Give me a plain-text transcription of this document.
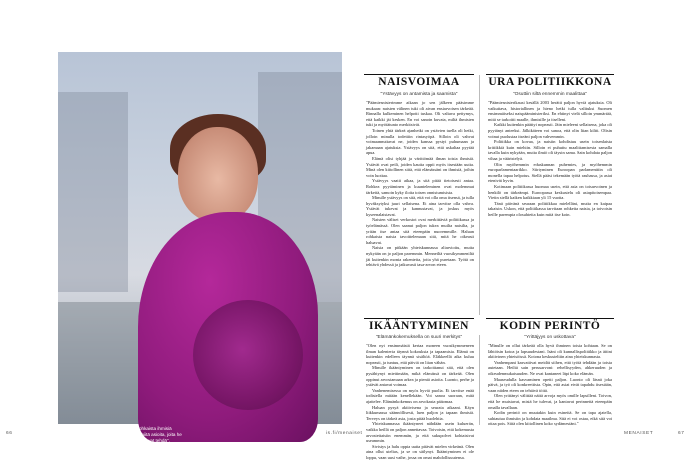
"Haluan rohkaista ihmisiä tekemään niitä asioita, joita he oikeasti haluavat tehdä", sanoo Anneli Jäätteenmäki.
NAISVOIMAA
"Ystävyys on antamista ja saamista"

"Päämiesnisterimme aikaan jo sen jälkeen pääsimme mukaan: naisten välinen tuki oli aivan ensiarvoisen tärkeää. Rinnalla kulkeminen helpotti tuskaa. Oli valtava pettymys, että kaikki jäi kesken. En voi sanoin kuvata, miltä ihmisten tuki ja myötätunto merkitsivät.

Toinen yhtä tärkeä ajanhetki on ystävien tuella oli hetki, jolloin minulla todettiin rintasyöpä. Silloin oli vahvat voimaannuttavat ne, joiden kanssa pystyi puhumaan ja jakamaan ajatuksia. Ystävyys on sitä, että uskaltaa pyytää apua.

Elämä olisi tyhjää ja värittömää ilman toisia ihmisiä. Ystävät ovat peili, joiden kautta oppii myös itsestään uutta. Minä olen kiitollinen siitä, että elämässäni on ihmisiä, joihin voin luottaa.

Ystävyys vaatii aikaa, ja sitä pitää tietoisesti antaa. Rohkea pyytäminen ja kuunteleminen ovat molemmat tärkeitä, samoin kyky iloita toisen onnistumisista.

Minulle ystävyys on sitä, että voi olla oma itsensä, ja tulla hyväksytyksi juuri sellaisena. Ei aina tarvitse olla vahva. Ystävät tukevat ja kannustavat, ja joskus myös kyseenalaistavat.

Naisten väliset verkostot ovat merkittäviä politiikassa ja työelämässä. Olen saanut paljon tukea muilta naisilta, ja yritän itse antaa sitä eteenpäin nuoremmille. Haluan rohkaista naisia tavoittelemaan sitä, mitä he oikeasti haluavat.

Naisia on pitkään yhteiskunnassa aliarvioitu, mutta nykyään on jo paljon paremmin. Menneiltä vuosikymmeniltä jäi kuitenkin monia rakenteita, joita yhä puretaan. Työtä on tehtävä yhdessä ja jatkuvasti tasa-arvon eteen.

URA POLITIIKKONA
"Osuttiin siltä ennemmin maalittaa"

"Päämiesnisterikausi kesällä 2003 herätti paljon hyviä ajatuksia. Oli vaikuttava, historiallinen ja hieno hetki tulla valituksi Suomen ensimmäiseksi naispääministeriksi. En ehtinyt vielä silloin ymmärtää, mitä se tarkoitti maalle, ihmisille ja itselleni.

Kaikki kuitenkin päättyi nopeasti. Jäin mieleeni sellaisena, joka oli pyytänyt anteeksi. Jälkikäteen voi sanoa, että olin liian kiltti. Olisin voinut puolustaa itseäni paljon vahvemmin.

Politiikka on kovaa, ja naisiin kohdistuu usein toisenlaista kritiikkiä kuin miehiin. Silloin ei puhuttu maalittamisesta samalla tavalla kuin nykyään, mutta ilmiö oli täysin sama. Sain kohdata paljon vihaa ja vääristelyä.

Olin myöhemmin eduskunnan puhemies, ja myöhemmin europarlamentaarikko. Siirtyminen Euroopan parlamenttiin oli monella tapaa helpotus. Siellä pääsi tekemään työtä rauhassa, ja asiat etenivät hyvin.

Kotimaan politiikassa huomaa usein, että asia on toisarvoinen ja henkilö on tärkeämpi. Euroopassa keskustelu oli asiapitoisempaa. Vietin siellä kaiken kaikkiaan yli 15 vuotta.

Tänä päivänä seuraan politiikkaa mielelläni, mutta en kaipaa takaisin. Uskon, että politiikassa tarvitaan rohkeita naisia, ja toivoisin heille parempia olosuhteita kuin mitä itse koin.

IKÄÄNTYMINEN
"Elämänkokemuksella on suuri merkitys"

"Olen nyt ensimmäistä kertaa moneen vuosikymmeneen ilman kalenteria täynnä kokouksia ja tapaamisia. Elämä on kuitenkin edelleen täynnä sisältöä. Eläkkeellä aika kuluu nopeasti, ja tuntuu, että päiviä on liian vähän.

Minulle ikääntyminen on tarkoittanut sitä, että olen pysähtynyt miettimään, mikä elämässä on tärkeää. Olen oppinut arvostamaan arkea ja pieniä asioita. Luonto, perhe ja ystävät antavat voimaa.

Vanhenemisessa on myös hyviä puolia. Ei tarvitse enää todistella mitään kenellekään. Voi sanoa suoraan, mitä ajattelee. Elämänkokemus on arvokasta pääomaa.

Haluan pysyä aktiivisena ja seurata aikaani. Käyn liikkumassa säännöllisesti, luen paljon ja tapaan ihmisiä. Terveys on tärkeä asia, josta pitää huolehtia.

Yhteiskunnassa ikääntyneet nähdään usein kuluerän, vaikka heillä on paljon annettavaa. Toivoisin, että kokemusta arvostettaisiin enemmän, ja että sukupolvet kohtaisivat useammin.

Sivistys ja halu oppia uutta pitävät mielen virkeänä. Olen aina ollut utelias, ja se on säilynyt. Ikääntyminen ei ole loppu, vaan uusi vaihe, jossa on omat mahdollisuutensa.

KODIN PERINTÖ
"Yrittäjyys on uskottava"

"Minulle on ollut tärkeää olla hyvä ihminen toisia kohtaan. Se on lähtöisin kotoa ja lapsuudestani. Isäni oli kunnallispoliitikko ja äitini aktiivinen yhteisöissä. Kotona keskusteltiin aina yhteiskunnasta.

Vanhempani kasvattivat meidät siihen, että työtä tehdään ja toisia autetaan. Heiltä sain perusarvoni: rehellisyyden, ahkeruuden ja oikeudenmukaisuuden. Ne ovat kantaneet läpi koko elämän.

Maaseudulla kasvaminen opetti paljon. Luonto oli läsnä joka päivä, ja työ oli konkreettista. Opin, että asiat eivät tapahdu itsestään, vaan niiden eteen on tehtävä töitä.

Olen yrittänyt välittää näitä arvoja myös omille lapsilleni. Toivon, että he muistavat, mistä he tulevat, ja kantavat perinnettä eteenpäin omalla tavallaan.

Kodin perintö on muutakin kuin esineitä. Se on tapa ajatella, suhtautua ihmisiin ja kohdata maailma. Sitä ei voi ostaa, eikä sitä voi ottaa pois. Siitä olen kiitollinen koko sydämestäni."

66	is.fi/menaiset	MENAISET	67
